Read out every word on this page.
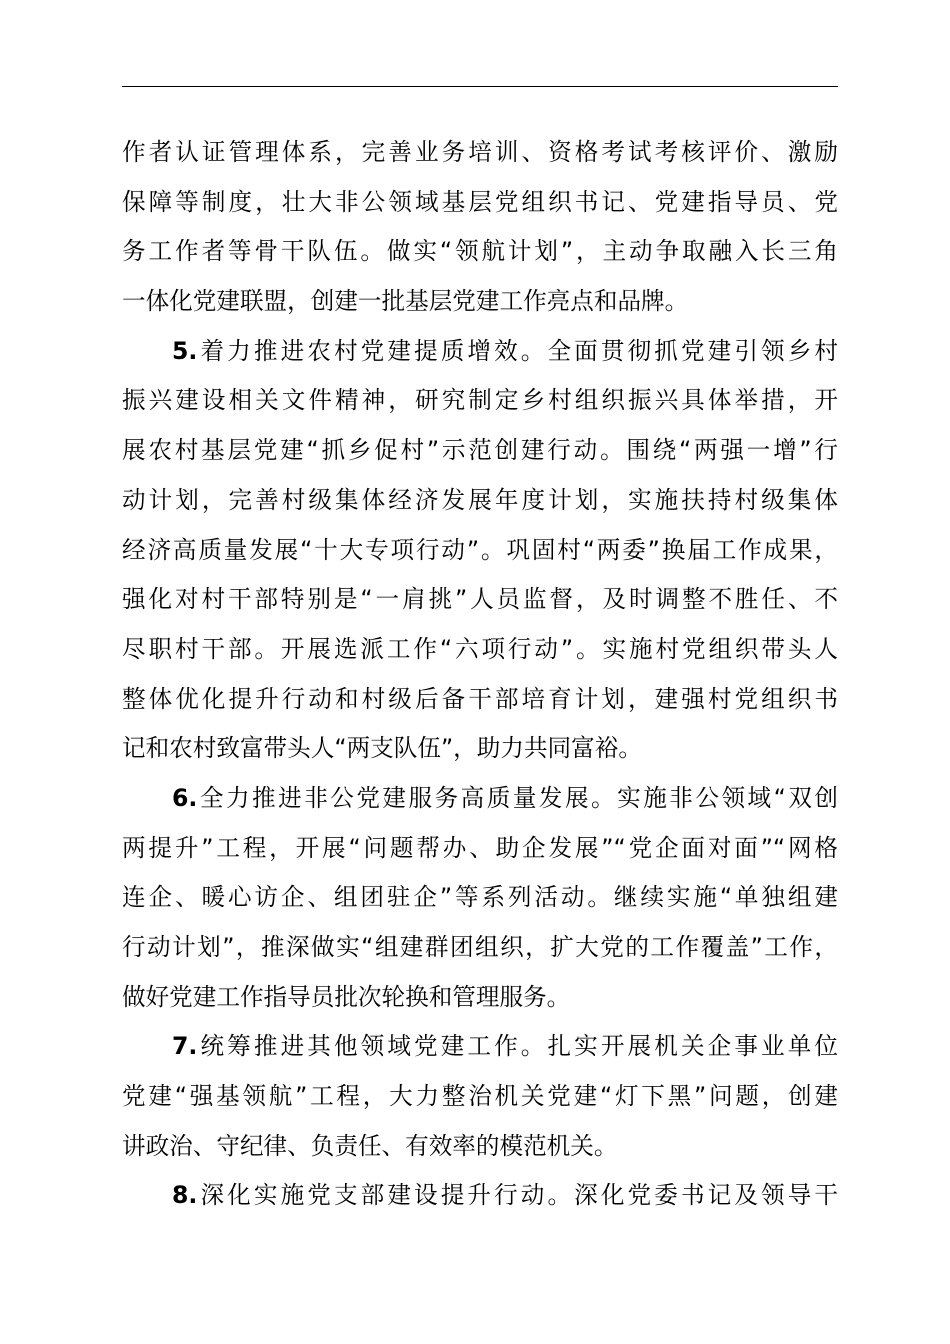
作者认证管理体系，完善业务培训、资格考试考核评价、激励
保障等制度，壮大非公领域基层党组织书记、党建指导员、党
务工作者等骨干队伍。做实“领航计划”，主动争取融入长三角
一体化党建联盟，创建一批基层党建工作亮点和品牌。
5.着力推进农村党建提质增效。全面贯彻抓党建引领乡村
振兴建设相关文件精神，研究制定乡村组织振兴具体举措，开
展农村基层党建“抓乡促村”示范创建行动。围绕“两强一增”行
动计划，完善村级集体经济发展年度计划，实施扶持村级集体
经济高质量发展“十大专项行动”。巩固村“两委”换届工作成果，
强化对村干部特别是“一肩挑”人员监督，及时调整不胜任、不
尽职村干部。开展选派工作“六项行动”。实施村党组织带头人
整体优化提升行动和村级后备干部培育计划，建强村党组织书
记和农村致富带头人“两支队伍”，助力共同富裕。
6.全力推进非公党建服务高质量发展。实施非公领域“双创
两提升”工程，开展“问题帮办、助企发展”“党企面对面”“网格
连企、暖心访企、组团驻企”等系列活动。继续实施“单独组建
行动计划”，推深做实“组建群团组织，扩大党的工作覆盖”工作，
做好党建工作指导员批次轮换和管理服务。
7.统筹推进其他领域党建工作。扎实开展机关企事业单位
党建“强基领航”工程，大力整治机关党建“灯下黑”问题，创建
讲政治、守纪律、负责任、有效率的模范机关。
8.深化实施党支部建设提升行动。深化党委书记及领导干
